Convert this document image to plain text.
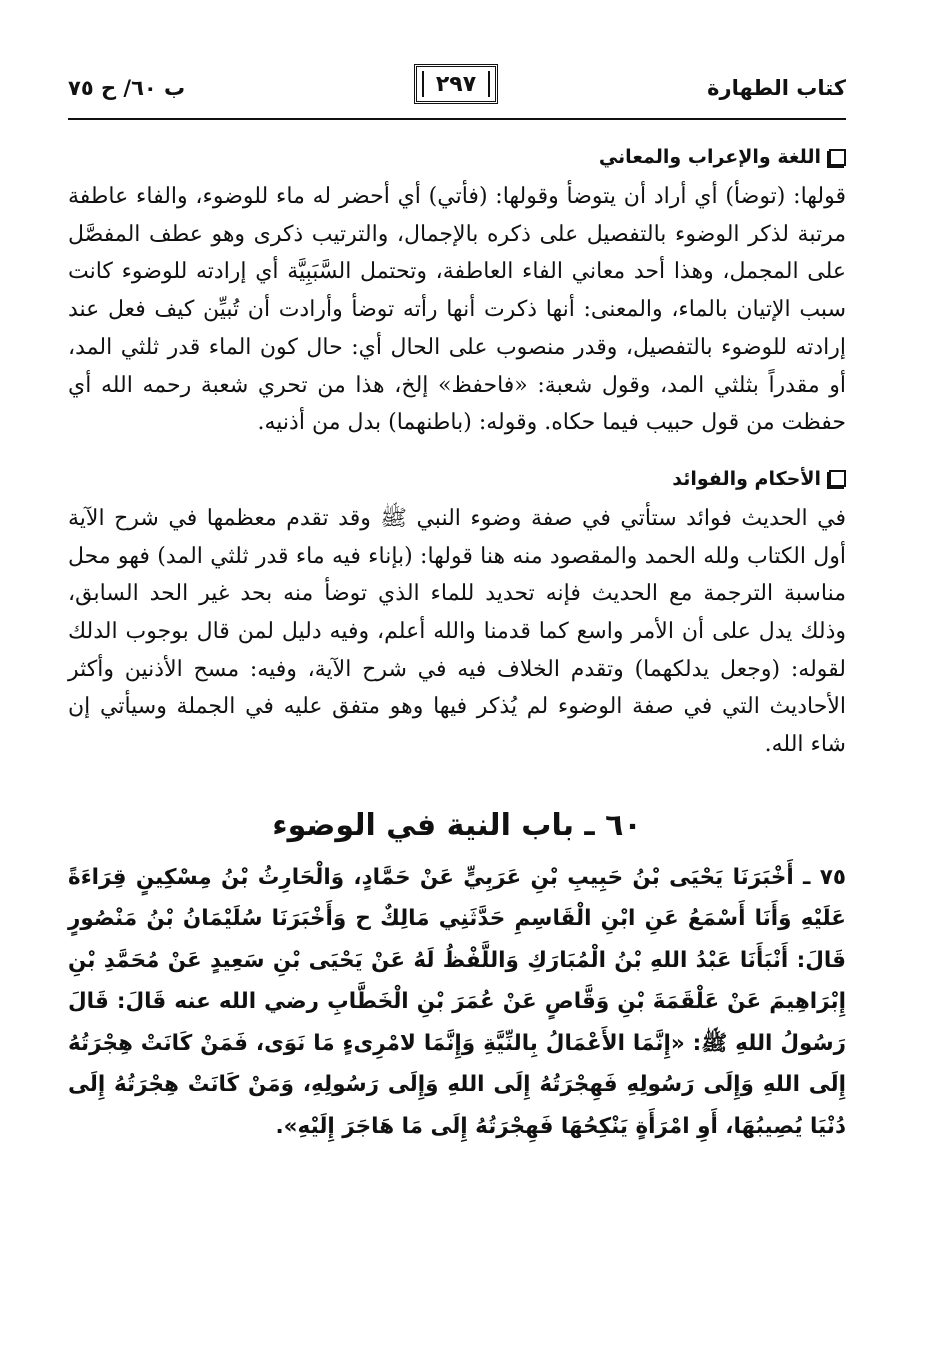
كتاب الطهارة
٢٩٧
ب ٦٠/ ح ٧٥
اللغة والإعراب والمعاني

قولها: (توضأ) أي أراد أن يتوضأ وقولها: (فأتي) أي أحضر له ماء للوضوء، والفاء عاطفة مرتبة لذكر الوضوء بالتفصيل على ذكره بالإجمال، والترتيب ذكرى وهو عطف المفصَّل على المجمل، وهذا أحد معاني الفاء العاطفة، وتحتمل السَّبَبِيَّة أي إرادته للوضوء كانت سبب الإتيان بالماء، والمعنى: أنها ذكرت أنها رأته توضأ وأرادت أن تُبيِّن كيف فعل عند إرادته للوضوء بالتفصيل، وقدر منصوب على الحال أي: حال كون الماء قدر ثلثي المد، أو مقدراً بثلثي المد، وقول شعبة: «فاحفظ» إلخ، هذا من تحري شعبة رحمه الله أي حفظت من قول حبيب فيما حكاه. وقوله: (باطنهما) بدل من أذنيه.

الأحكام والفوائد

في الحديث فوائد ستأتي في صفة وضوء النبي ﷺ وقد تقدم معظمها في شرح الآية أول الكتاب ولله الحمد والمقصود منه هنا قولها: (بإناء فيه ماء قدر ثلثي المد) فهو محل مناسبة الترجمة مع الحديث فإنه تحديد للماء الذي توضأ منه بحد غير الحد السابق، وذلك يدل على أن الأمر واسع كما قدمنا والله أعلم، وفيه دليل لمن قال بوجوب الدلك لقوله: (وجعل يدلكهما) وتقدم الخلاف فيه في شرح الآية، وفيه: مسح الأذنين وأكثر الأحاديث التي في صفة الوضوء لم يُذكر فيها وهو متفق عليه في الجملة وسيأتي إن شاء الله.

٦٠ ـ باب النية في الوضوء

٧٥ ـ أَخْبَرَنَا يَحْيَى بْنُ حَبِيبِ بْنِ عَرَبِيٍّ عَنْ حَمَّادٍ، وَالْحَارِثُ بْنُ مِسْكِينٍ قِرَاءَةً عَلَيْهِ وَأَنَا أَسْمَعُ عَنِ ابْنِ الْقَاسِمِ حَدَّثَنِي مَالِكٌ ح وَأَخْبَرَنَا سُلَيْمَانُ بْنُ مَنْصُورٍ قَالَ: أَنْبَأَنَا عَبْدُ اللهِ بْنُ الْمُبَارَكِ وَاللَّفْظُ لَهُ عَنْ يَحْيَى بْنِ سَعِيدٍ عَنْ مُحَمَّدِ بْنِ إِبْرَاهِيمَ عَنْ عَلْقَمَةَ بْنِ وَقَّاصٍ عَنْ عُمَرَ بْنِ الْخَطَّابِ رضي الله عنه قَالَ: قَالَ رَسُولُ اللهِ ﷺ: «إِنَّمَا الأَعْمَالُ بِالنِّيَّةِ وَإِنَّمَا لامْرِىءٍ مَا نَوَى، فَمَنْ كَانَتْ هِجْرَتُهُ إِلَى اللهِ وَإِلَى رَسُولِهِ فَهِجْرَتُهُ إِلَى اللهِ وَإِلَى رَسُولِهِ، وَمَنْ كَانَتْ هِجْرَتُهُ إِلَى دُنْيَا يُصِيبُهَا، أَوِ امْرَأَةٍ يَنْكِحُهَا فَهِجْرَتُهُ إِلَى مَا هَاجَرَ إِلَيْهِ».
